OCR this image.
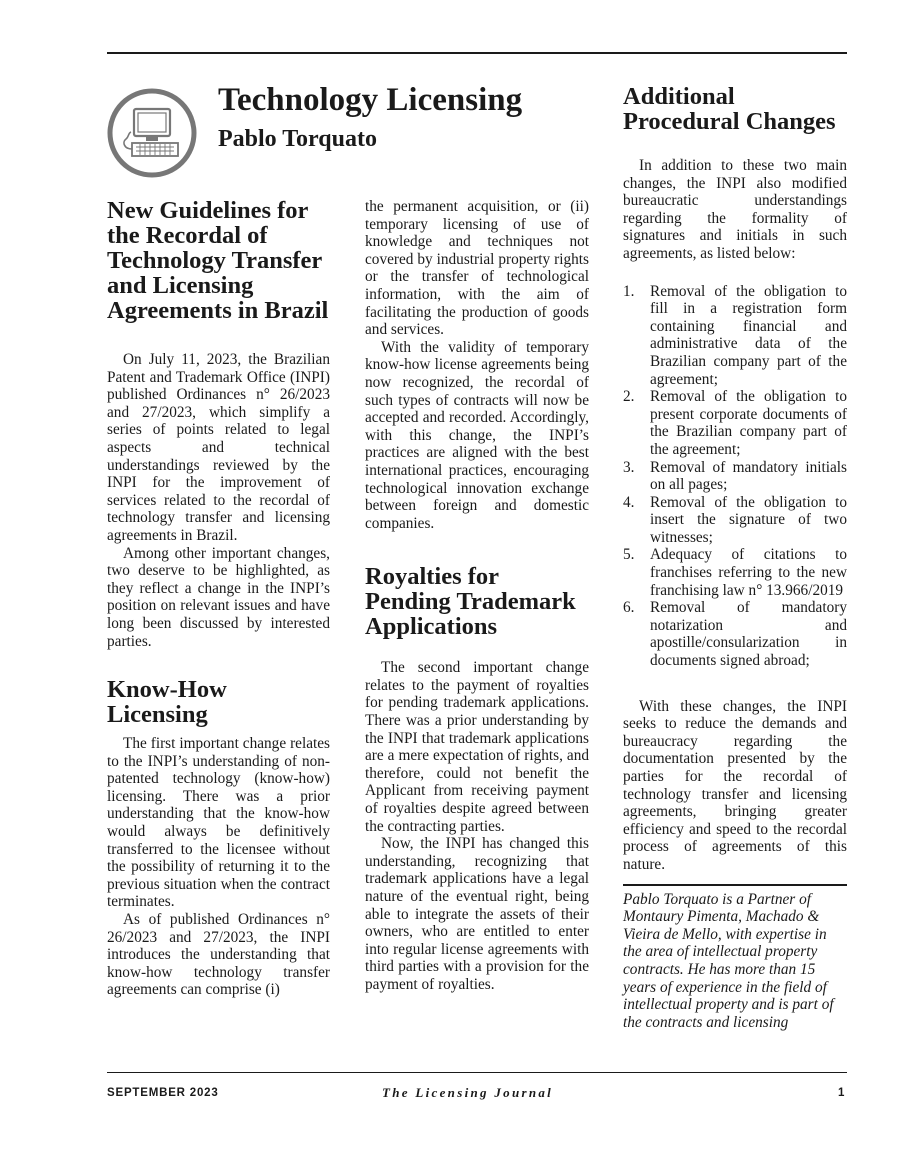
Technology Licensing
Pablo Torquato
New Guidelines for the Recordal of Technology Transfer and Licensing Agreements in Brazil

On July 11, 2023, the Brazilian Patent and Trademark Office (INPI) published Ordinances n° 26/2023 and 27/2023, which simplify a series of points related to legal aspects and technical understandings reviewed by the INPI for the improvement of services related to the recordal of technology transfer and licensing agreements in Brazil.

Among other important changes, two deserve to be highlighted, as they reflect a change in the INPI’s position on relevant issues and have long been discussed by interested parties.

Know-How Licensing

The first important change relates to the INPI’s understanding of non-patented technology (know-how) licensing. There was a prior understanding that the know-how would always be definitively transferred to the licensee without the possibility of returning it to the previous situation when the contract terminates.

As of published Ordinances n° 26/2023 and 27/2023, the INPI introduces the understanding that know-how technology transfer agreements can comprise (i)

the permanent acquisition, or (ii) temporary licensing of use of knowledge and techniques not covered by industrial property rights or the transfer of technological information, with the aim of facilitating the production of goods and services.

With the validity of temporary know-how license agreements being now recognized, the recordal of such types of contracts will now be accepted and recorded. Accordingly, with this change, the INPI’s practices are aligned with the best international practices, encouraging technological innovation exchange between foreign and domestic companies.

Royalties for Pending Trademark Applications

The second important change relates to the payment of royalties for pending trademark applications. There was a prior understanding by the INPI that trademark applications are a mere expectation of rights, and therefore, could not benefit the Applicant from receiving payment of royalties despite agreed between the contracting parties.

Now, the INPI has changed this understanding, recognizing that trademark applications have a legal nature of the eventual right, being able to integrate the assets of their owners, who are entitled to enter into regular license agreements with third parties with a provision for the payment of royalties.

Additional Procedural Changes

In addition to these two main changes, the INPI also modified bureaucratic understandings regarding the formality of signatures and initials in such agreements, as listed below:

1. Removal of the obligation to fill in a registration form containing financial and administrative data of the Brazilian company part of the agreement;
2. Removal of the obligation to present corporate documents of the Brazilian company part of the agreement;
3. Removal of mandatory initials on all pages;
4. Removal of the obligation to insert the signature of two witnesses;
5. Adequacy of citations to franchises referring to the new franchising law n° 13.966/2019
6. Removal of mandatory notarization and apostille/consularization in documents signed abroad;

With these changes, the INPI seeks to reduce the demands and bureaucracy regarding the documentation presented by the parties for the recordal of technology transfer and licensing agreements, bringing greater efficiency and speed to the recordal process of agreements of this nature.

Pablo Torquato is a Partner of Montaury Pimenta, Machado & Vieira de Mello, with expertise in the area of intellectual property contracts. He has more than 15 years of experience in the field of intellectual property and is part of the contracts and licensing

SEPTEMBER 2023	The Licensing Journal	1
